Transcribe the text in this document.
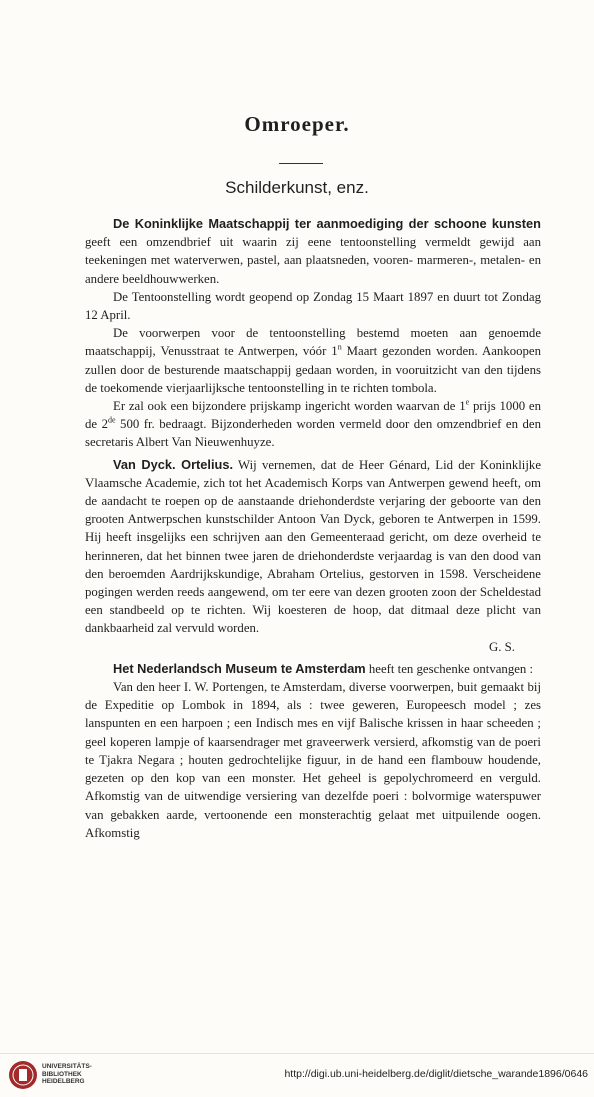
Omroeper.
Schilderkunst, enz.

De Koninklijke Maatschappij ter aanmoediging der schoone kunsten geeft een omzendbrief uit waarin zij eene tentoonstelling vermeldt gewijd aan teekeningen met waterverwen, pastel, aan plaatsneden, vooren- marmeren-, metalen- en andere beeldhouwwerken.

De Tentoonstelling wordt geopend op Zondag 15 Maart 1897 en duurt tot Zondag 12 April.

De voorwerpen voor de tentoonstelling bestemd moeten aan genoemde maatschappij, Venusstraat te Antwerpen, vóór 1$^n$ Maart gezonden worden. Aankoopen zullen door de besturende maatschappij gedaan worden, in vooruitzicht van den tijdens de toekomende vierjaarlijksche tentoonstelling in te richten tombola.

Er zal ook een bijzondere prijskamp ingericht worden waarvan de 1e prijs 1000 en de 2de 500 fr. bedraagt. Bijzonderheden worden vermeld door den omzendbrief en den secretaris Albert Van Nieuwenhuyze.

Van Dyck. Ortelius. Wij vernemen, dat de Heer Génard, Lid der Koninklijke Vlaamsche Academie, zich tot het Academisch Korps van Antwerpen gewend heeft, om de aandacht te roepen op de aanstaande driehonderdste verjaring der geboorte van den grooten Antwerpschen kunstschilder Antoon Van Dyck, geboren te Antwerpen in 1599. Hij heeft insgelijks een schrijven aan den Gemeenteraad gericht, om deze overheid te herinneren, dat het binnen twee jaren de driehonderdste verjaardag is van den dood van den beroemden Aardrijkskundige, Abraham Ortelius, gestorven in 1598. Verscheidene pogingen werden reeds aangewend, om ter eere van dezen grooten zoon der Scheldestad een standbeeld op te richten. Wij koesteren de hoop, dat ditmaal deze plicht van dankbaarheid zal vervuld worden.

G. S.

Het Nederlandsch Museum te Amsterdam heeft ten geschenke ontvangen :

Van den heer I. W. Portengen, te Amsterdam, diverse voorwerpen, buit gemaakt bij de Expeditie op Lombok in 1894, als : twee geweren, Europeesch model ; zes lanspunten en een harpoen ; een Indisch mes en vijf Balische krissen in haar scheeden ; geel koperen lampje of kaarsendrager met graveerwerk versierd, afkomstig van de poeri te Tjakra Negara ; houten gedrochtelijke figuur, in de hand een flambouw houdende, gezeten op den kop van een monster. Het geheel is gepolychromeerd en verguld. Afkomstig van de uitwendige versiering van dezelfde poeri : bolvormige waterspuwer van gebakken aarde, vertoonende een monsterachtig gelaat met uitpuilende oogen. Afkomstig

UNIVERSITÄTS-
BIBLIOTHEK
HEIDELBERG
http://digi.ub.uni-heidelberg.de/diglit/dietsche_warande1896/0646
